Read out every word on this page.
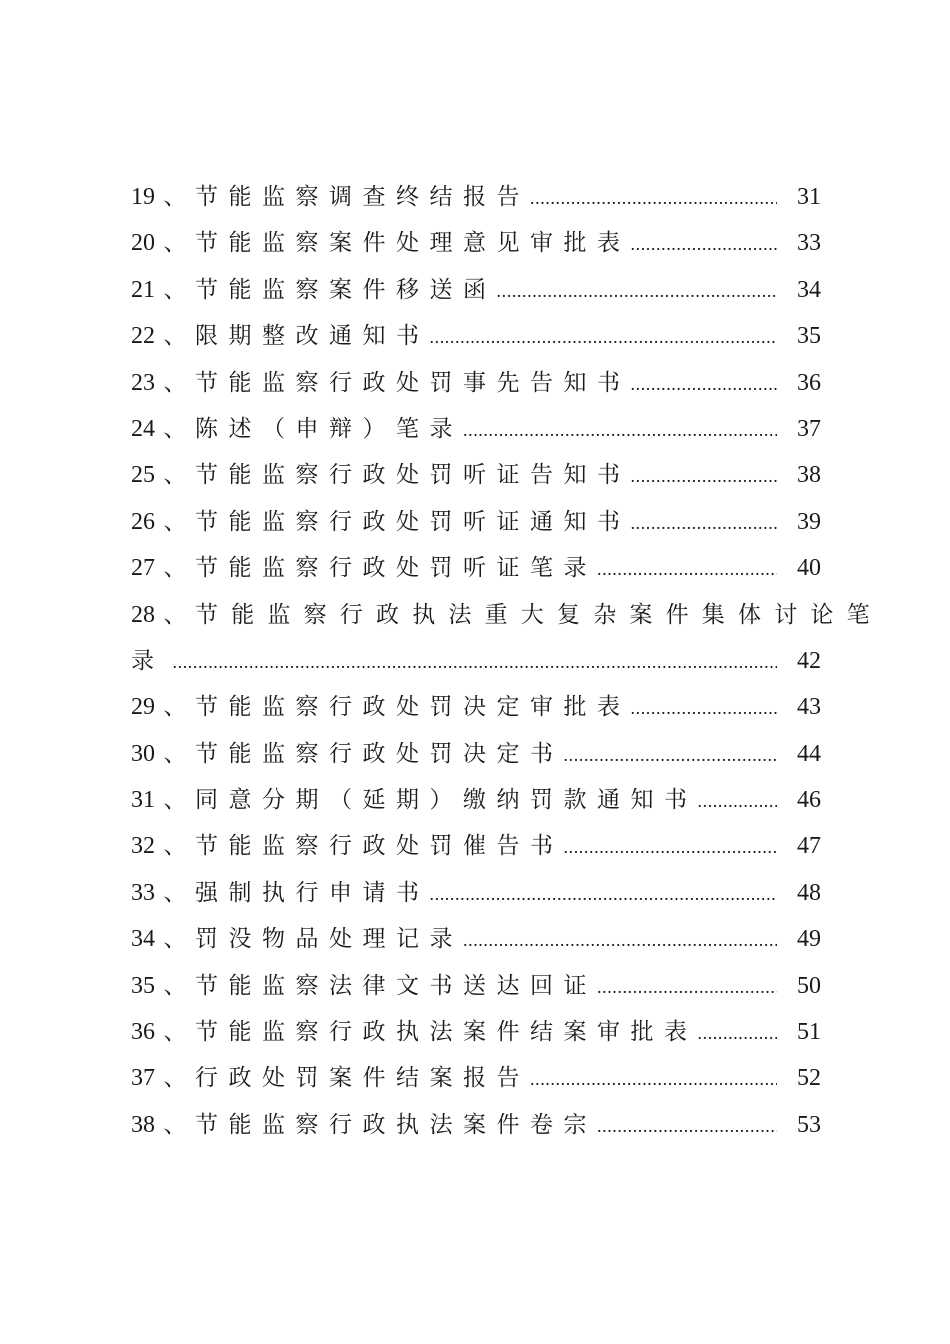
19 、 节能监察调查终结报告 .....	31
20 、 节能监察案件处理意见审批表 .....	33
21 、 节能监察案件移送函 .....	34
22 、 限期整改通知书 .....	35
23 、 节能监察行政处罚事先告知书 .....	36
24 、 陈述（申辩）笔录 .....	37
25 、 节能监察行政处罚听证告知书 .....	38
26 、 节能监察行政处罚听证通知书 .....	39
27 、 节能监察行政处罚听证笔录 .....	40
28 、 节能监察行政执法重大复杂案件集体讨论笔
录 .....	42
29 、 节能监察行政处罚决定审批表 .....	43
30 、 节能监察行政处罚决定书 .....	44
31 、 同意分期（延期）缴纳罚款通知书 .....	46
32 、 节能监察行政处罚催告书 .....	47
33 、 强制执行申请书 .....	48
34 、 罚没物品处理记录 .....	49
35 、 节能监察法律文书送达回证 .....	50
36 、 节能监察行政执法案件结案审批表 .....	51
37 、 行政处罚案件结案报告 .....	52
38 、 节能监察行政执法案件卷宗 .....	53
